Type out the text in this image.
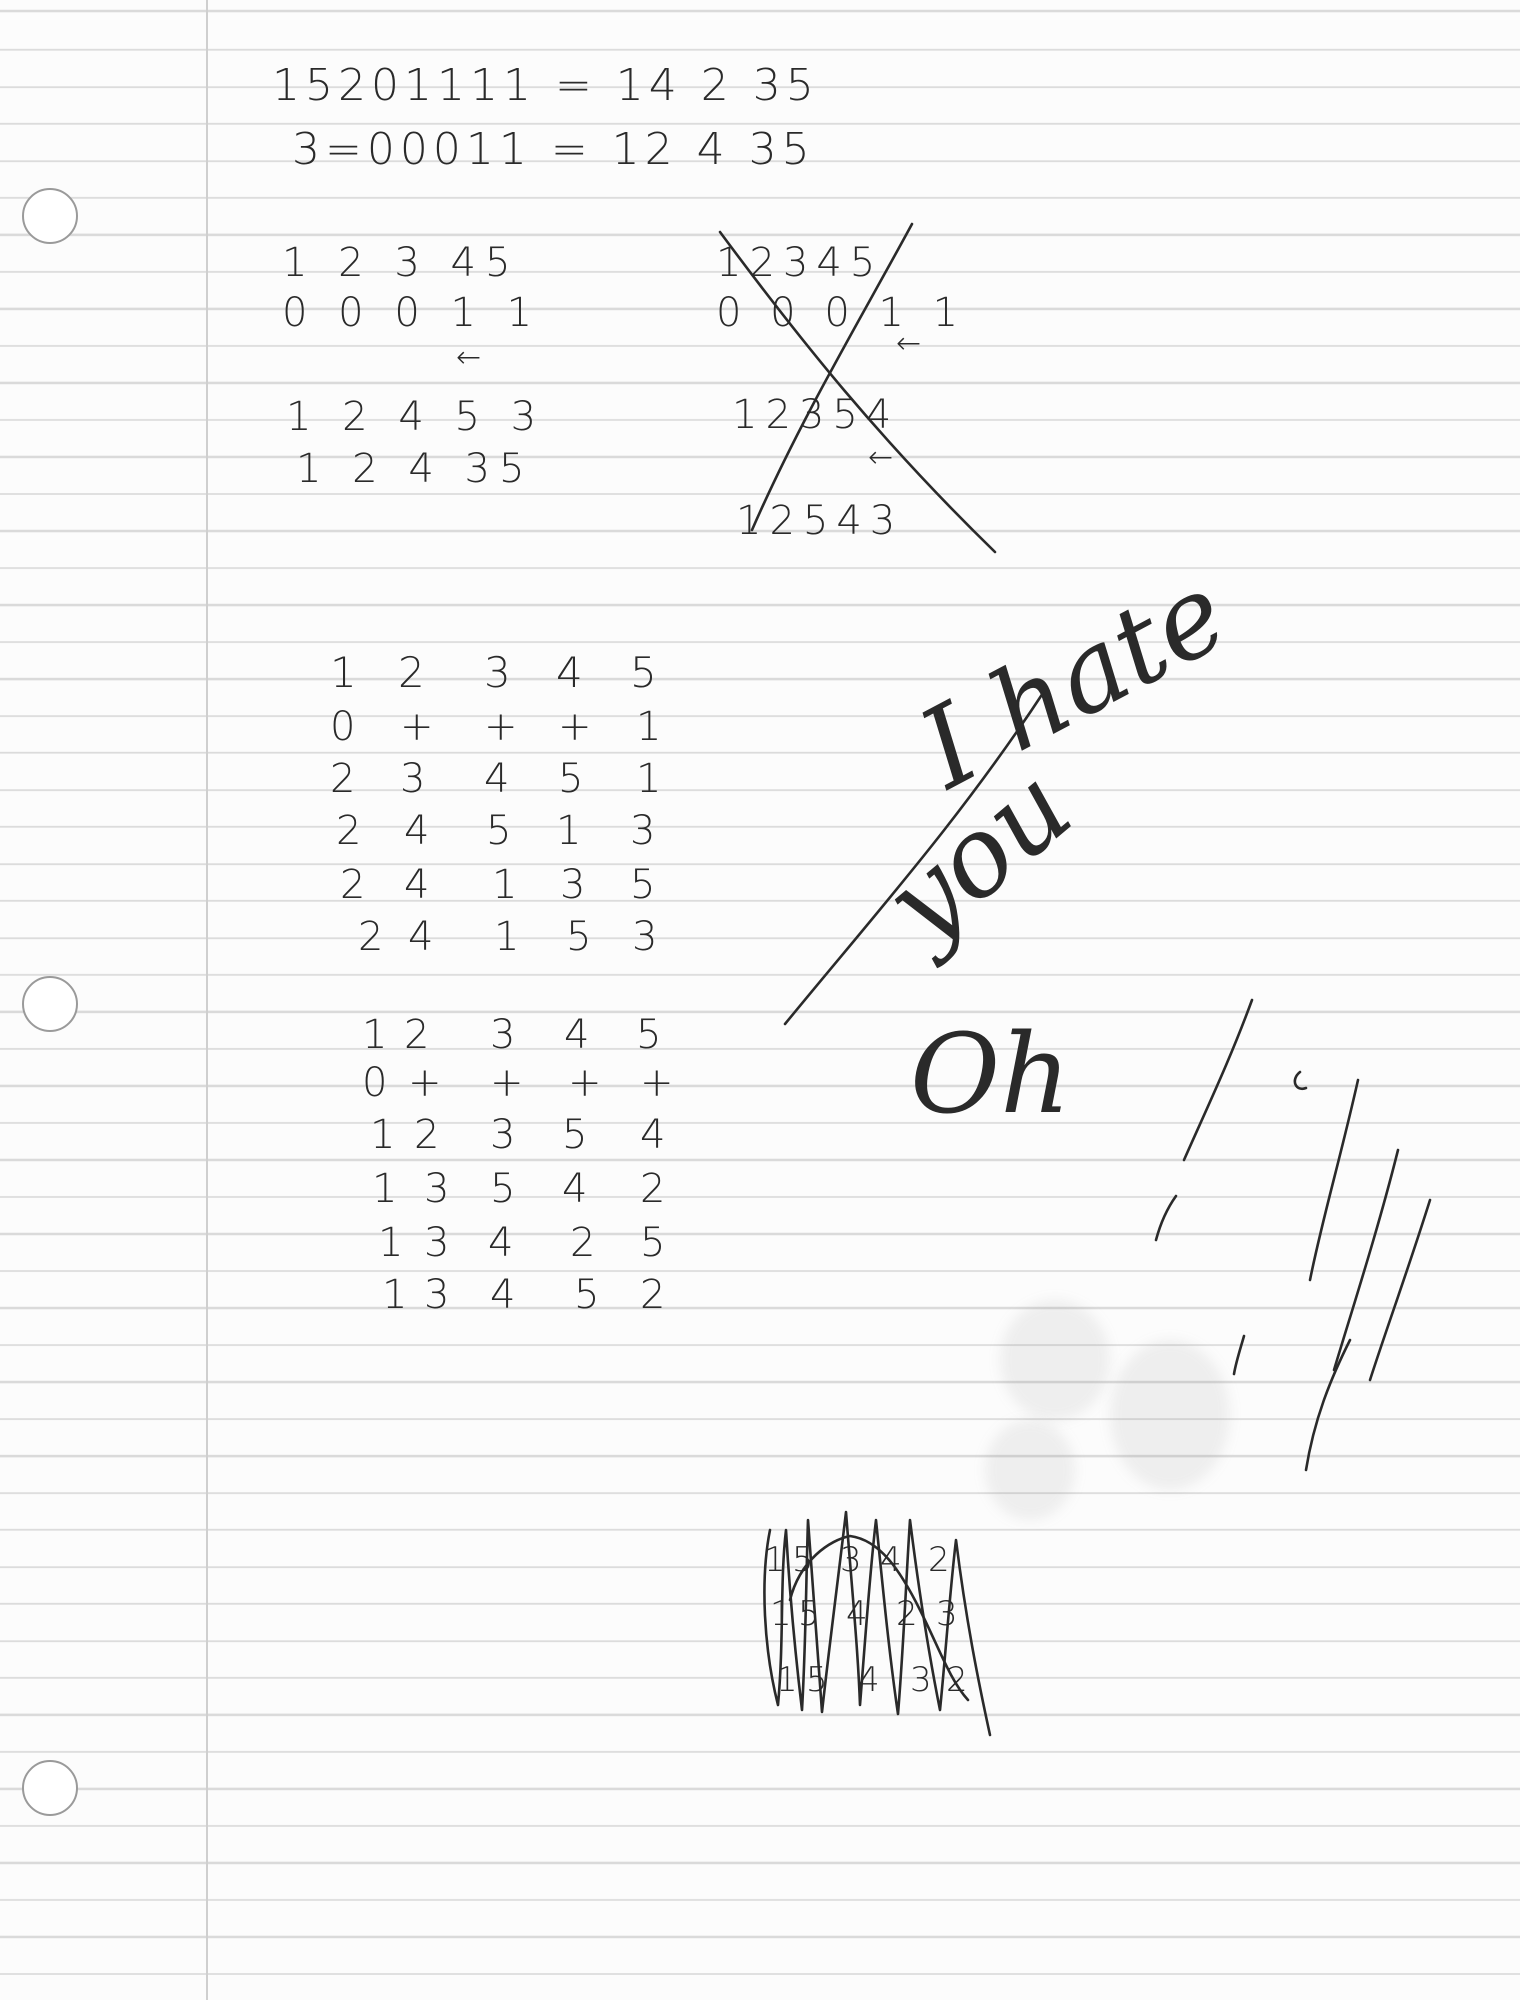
15201111 = 14 2 35
3=00011 = 12 4 35
1 2 3 45
0 0 0 1 1
←
1 2 4 5 3
1 2 4 35
12345
0 0 0 1 1
←
12354
←
12543
1 2 3 4 5
0 + + + 1
2 3 4 5 1
2 4 5 1 3
2 4 1 3 5
2 4 1 5 3
1 2 3 4 5
0 + + + +
1 2 3 5 4
1 3 5 4 2
1 3 4 2 5
1 3 4 5 2
1 5 3 4 2
1 5 4 2 3
1 5 4 3 2
I hate
you
Oh
